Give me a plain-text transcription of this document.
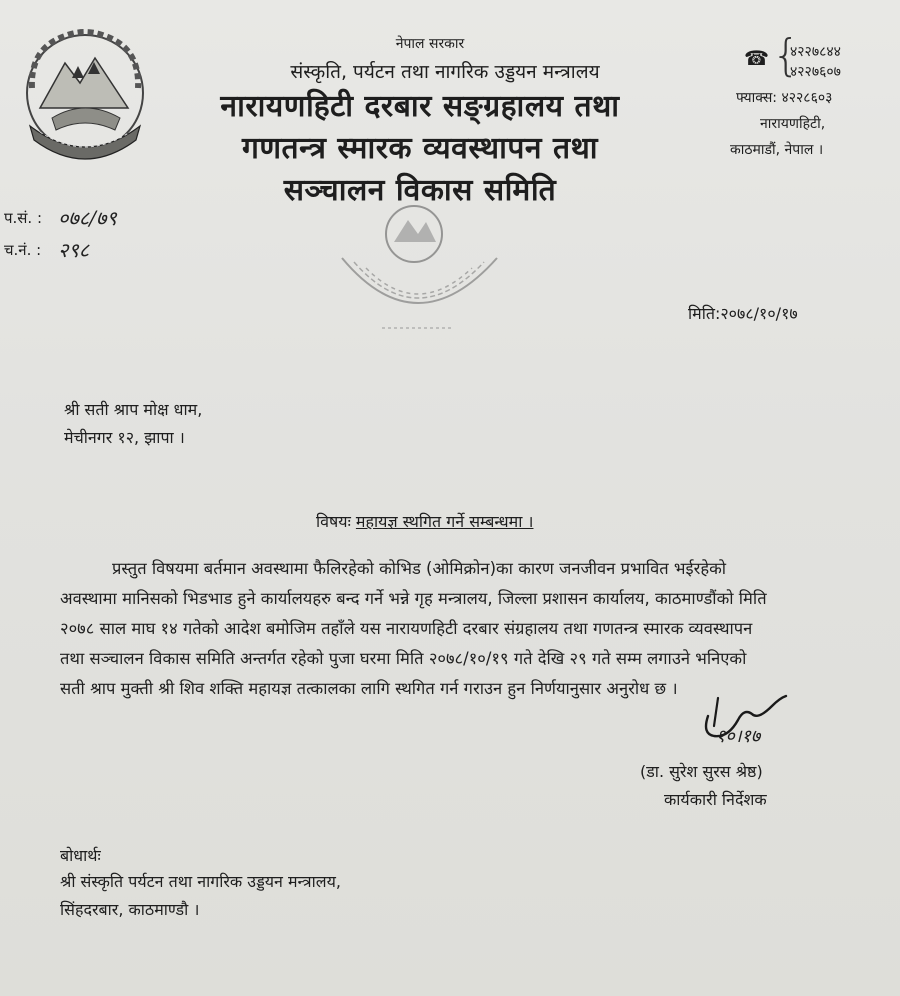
नेपाल सरकार
संस्कृति, पर्यटन तथा नागरिक उड्डयन मन्त्रालय
नारायणहिटी दरबार सङ्ग्रहालय तथा
गणतन्त्र स्मारक व्यवस्थापन तथा
सञ्चालन विकास समिति
☎ {
४२२७८४४
४२२७६०७
फ्याक्स: ४२२८६०३
नारायणहिटी,
काठमाडौं, नेपाल ।
प.सं. : ०७८/७९
च.नं. : २९८
मिति:२०७८/१०/१७
श्री सती श्राप मोक्ष धाम,
मेचीनगर १२, झापा ।
विषयः महायज्ञ स्थगित गर्ने सम्बन्धमा ।
प्रस्तुत विषयमा बर्तमान अवस्थामा फैलिरहेको कोभिड (ओमिक्रोन)का कारण जनजीवन प्रभावित भईरहेको
अवस्थामा मानिसको भिडभाड हुने कार्यालयहरु बन्द गर्ने भन्ने गृह मन्त्रालय, जिल्ला प्रशासन कार्यालय, काठमाण्डौंको मिति
२०७८ साल माघ १४ गतेको आदेश बमोजिम तहाँले यस नारायणहिटी दरबार संग्रहालय तथा गणतन्त्र स्मारक व्यवस्थापन
तथा सञ्चालन विकास समिति अन्तर्गत रहेको पुजा घरमा मिति २०७८/१०/१९ गते देखि २९ गते सम्म लगाउने भनिएको
सती श्राप मुक्ती श्री शिव शक्ति महायज्ञ तत्कालका लागि स्थगित गर्न गराउन हुन निर्णयानुसार अनुरोध छ ।
१०।१७
(डा. सुरेश सुरस श्रेष्ठ)
कार्यकारी निर्देशक
बोधार्थः
श्री संस्कृति पर्यटन तथा नागरिक उड्डयन मन्त्रालय,
सिंहदरबार, काठमाण्डौ ।
